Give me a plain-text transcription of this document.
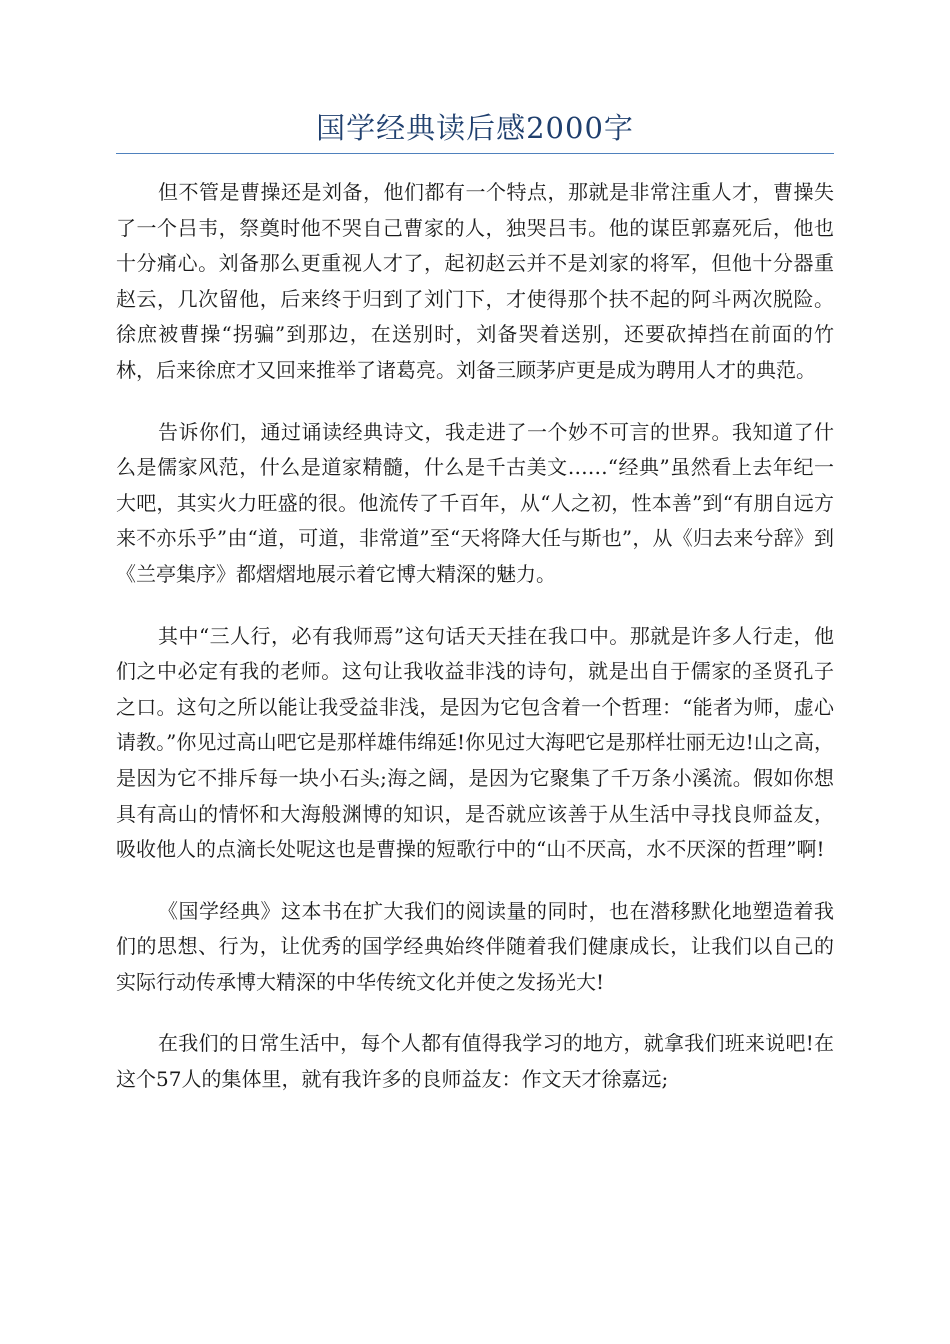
国学经典读后感2000字

但不管是曹操还是刘备，他们都有一个特点，那就是非常注重人才，曹操失了一个吕韦，祭奠时他不哭自己曹家的人，独哭吕韦。他的谋臣郭嘉死后，他也十分痛心。刘备那么更重视人才了，起初赵云并不是刘家的将军，但他十分器重赵云，几次留他，后来终于归到了刘门下，才使得那个扶不起的阿斗两次脱险。徐庶被曹操“拐骗”到那边，在送别时，刘备哭着送别，还要砍掉挡在前面的竹林，后来徐庶才又回来推举了诸葛亮。刘备三顾茅庐更是成为聘用人才的典范。

告诉你们，通过诵读经典诗文，我走进了一个妙不可言的世界。我知道了什么是儒家风范，什么是道家精髓，什么是千古美文……“经典”虽然看上去年纪一大吧，其实火力旺盛的很。他流传了千百年，从“人之初，性本善”到“有朋自远方来不亦乐乎”由“道，可道，非常道”至“天将降大任与斯也”，从《归去来兮辞》到《兰亭集序》都熠熠地展示着它博大精深的魅力。

其中“三人行，必有我师焉”这句话天天挂在我口中。那就是许多人行走，他们之中必定有我的老师。这句让我收益非浅的诗句，就是出自于儒家的圣贤孔子之口。这句之所以能让我受益非浅，是因为它包含着一个哲理：“能者为师，虚心请教。”你见过高山吧它是那样雄伟绵延!你见过大海吧它是那样壮丽无边!山之高，是因为它不排斥每一块小石头;海之阔，是因为它聚集了千万条小溪流。假如你想具有高山的情怀和大海般渊博的知识，是否就应该善于从生活中寻找良师益友，吸收他人的点滴长处呢这也是曹操的短歌行中的“山不厌高，水不厌深的哲理”啊!

《国学经典》这本书在扩大我们的阅读量的同时，也在潜移默化地塑造着我们的思想、行为，让优秀的国学经典始终伴随着我们健康成长，让我们以自己的实际行动传承博大精深的中华传统文化并使之发扬光大!

在我们的日常生活中，每个人都有值得我学习的地方，就拿我们班来说吧!在这个57人的集体里，就有我许多的良师益友：作文天才徐嘉远;
